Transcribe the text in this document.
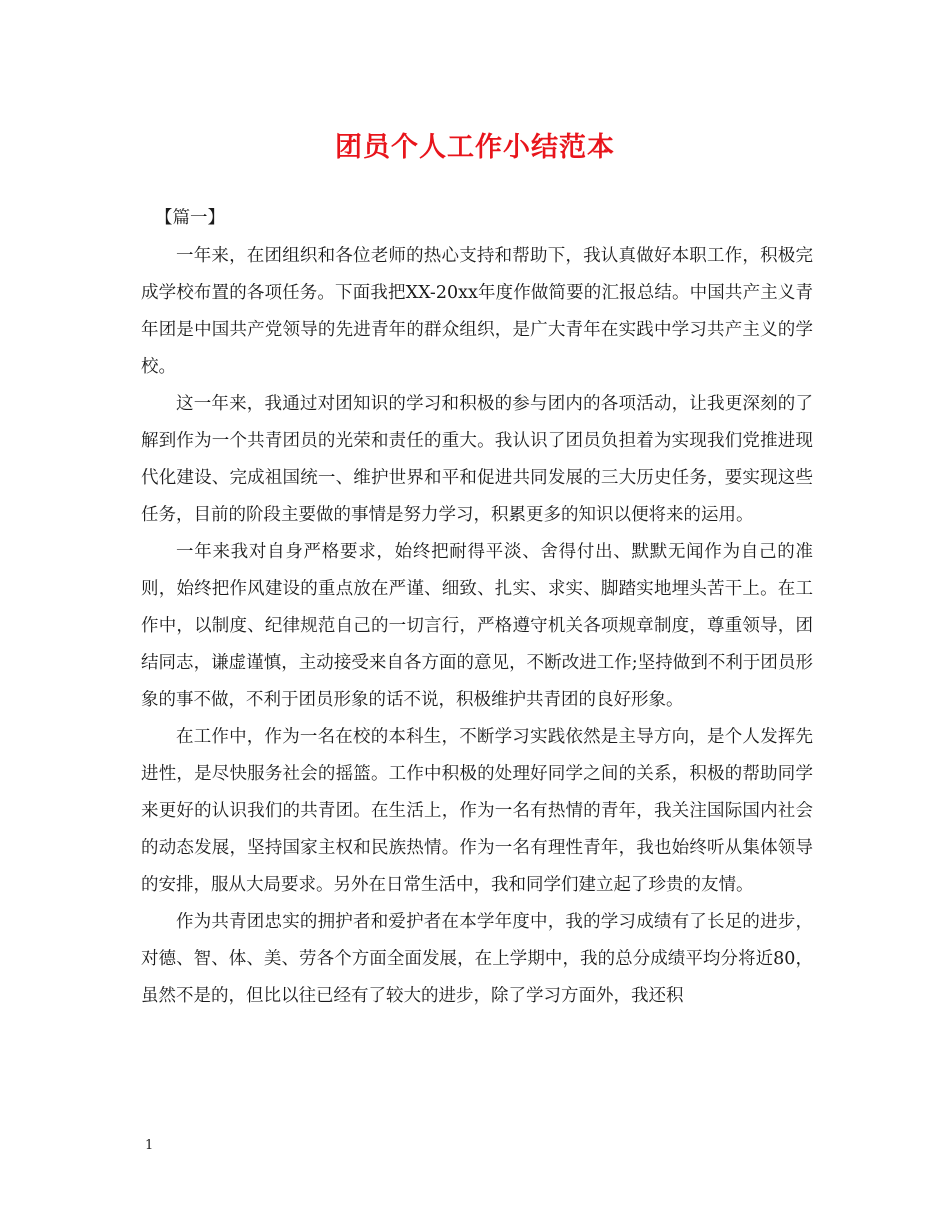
团员个人工作小结范本
【篇一】

一年来，在团组织和各位老师的热心支持和帮助下，我认真做好本职工作，积极完成学校布置的各项任务。下面我把XX-20xx年度作做简要的汇报总结。中国共产主义青年团是中国共产党领导的先进青年的群众组织，是广大青年在实践中学习共产主义的学校。

这一年来，我通过对团知识的学习和积极的参与团内的各项活动，让我更深刻的了解到作为一个共青团员的光荣和责任的重大。我认识了团员负担着为实现我们党推进现代化建设、完成祖国统一、维护世界和平和促进共同发展的三大历史任务，要实现这些任务，目前的阶段主要做的事情是努力学习，积累更多的知识以便将来的运用。

一年来我对自身严格要求，始终把耐得平淡、舍得付出、默默无闻作为自己的准则，始终把作风建设的重点放在严谨、细致、扎实、求实、脚踏实地埋头苦干上。在工作中，以制度、纪律规范自己的一切言行，严格遵守机关各项规章制度，尊重领导，团结同志，谦虚谨慎，主动接受来自各方面的意见，不断改进工作;坚持做到不利于团员形象的事不做，不利于团员形象的话不说，积极维护共青团的良好形象。

在工作中，作为一名在校的本科生，不断学习实践依然是主导方向，是个人发挥先进性，是尽快服务社会的摇篮。工作中积极的处理好同学之间的关系，积极的帮助同学来更好的认识我们的共青团。在生活上，作为一名有热情的青年，我关注国际国内社会的动态发展，坚持国家主权和民族热情。作为一名有理性青年，我也始终听从集体领导的安排，服从大局要求。另外在日常生活中，我和同学们建立起了珍贵的友情。

作为共青团忠实的拥护者和爱护者在本学年度中，我的学习成绩有了长足的进步，对德、智、体、美、劳各个方面全面发展，在上学期中，我的总分成绩平均分将近80，虽然不是的，但比以往已经有了较大的进步，除了学习方面外，我还积

1
